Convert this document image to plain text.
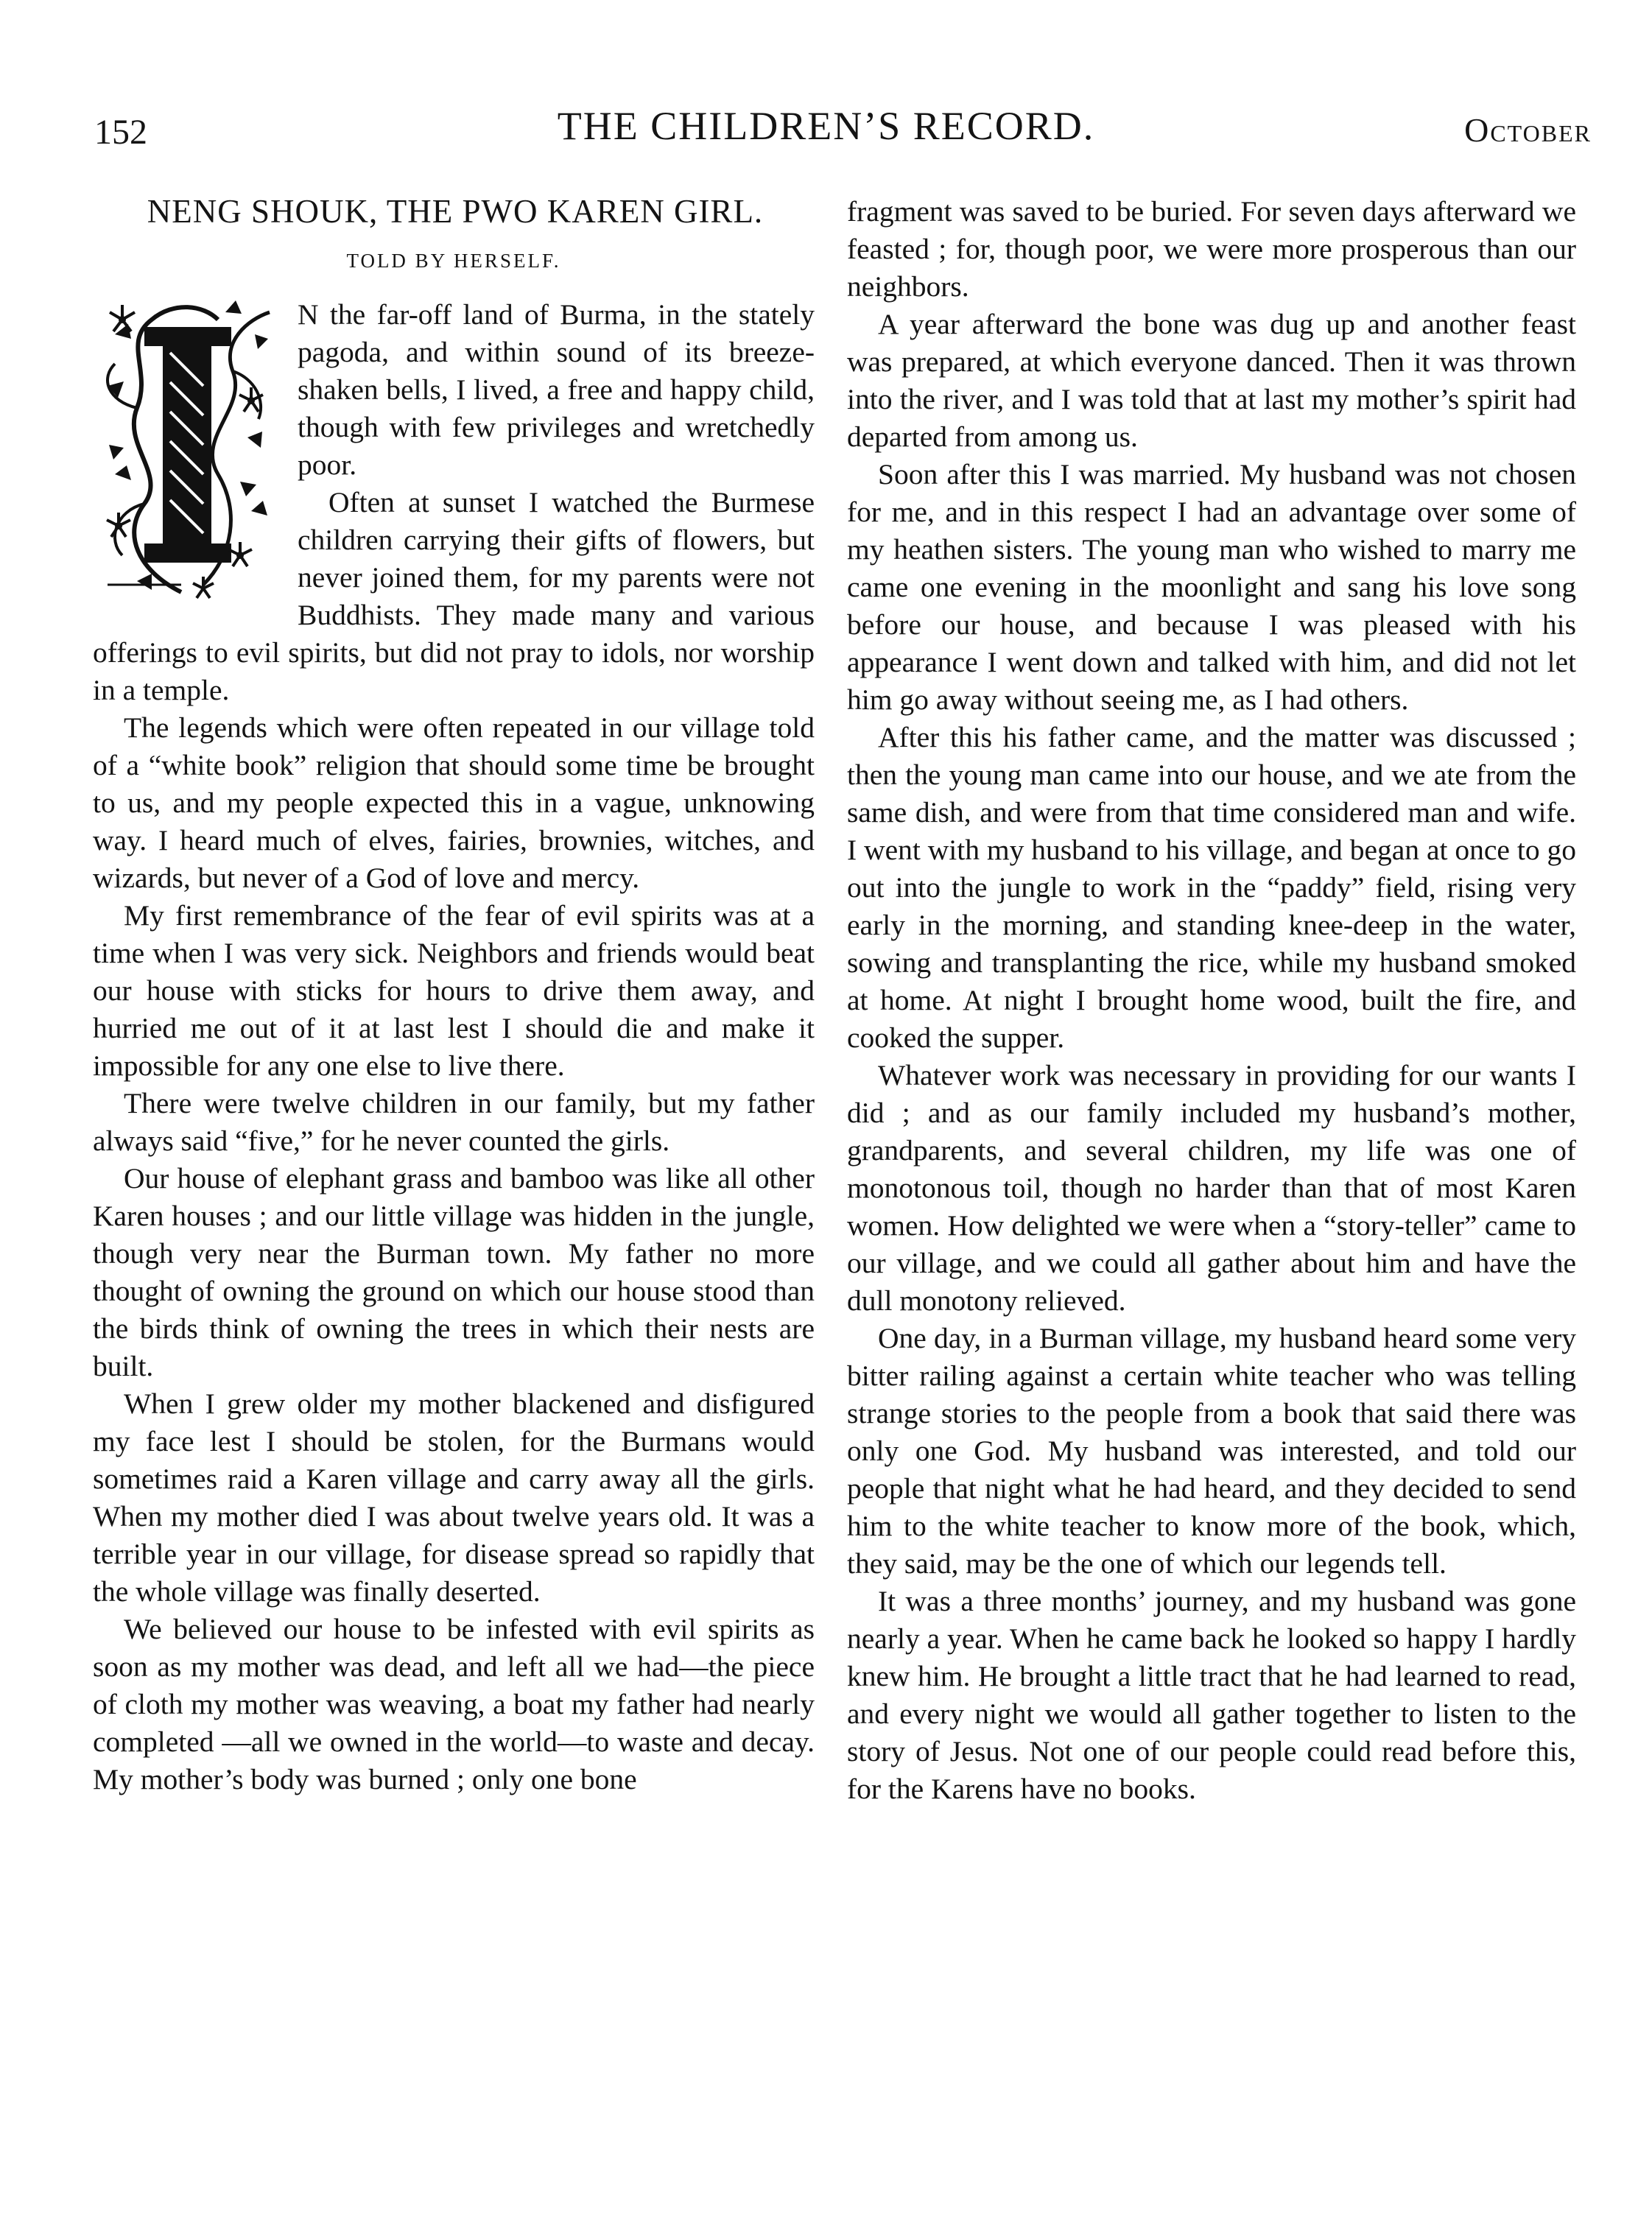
152	THE CHILDREN’S RECORD.	October
NENG SHOUK, THE PWO KAREN GIRL.
TOLD BY HERSELF.

N the far-off land of Burma, in the stately pagoda, and within sound of its breeze-shaken bells, I lived, a free and happy child, though with few privileges and wretchedly poor.

Often at sunset I watched the Burmese children carrying their gifts of flowers, but never joined them, for my parents were not Buddhists. They made many and various offerings to evil spirits, but did not pray to idols, nor worship in a temple.

The legends which were often repeated in our village told of a “white book” religion that should some time be brought to us, and my people expected this in a vague, unknowing way. I heard much of elves, fairies, brownies, witches, and wizards, but never of a God of love and mercy.

My first remembrance of the fear of evil spirits was at a time when I was very sick. Neighbors and friends would beat our house with sticks for hours to drive them away, and hurried me out of it at last lest I should die and make it impossible for any one else to live there.

There were twelve children in our family, but my father always said “five,” for he never counted the girls.

Our house of elephant grass and bamboo was like all other Karen houses ; and our little village was hidden in the jungle, though very near the Burman town. My father no more thought of owning the ground on which our house stood than the birds think of owning the trees in which their nests are built.

When I grew older my mother blackened and disfigured my face lest I should be stolen, for the Burmans would sometimes raid a Karen village and carry away all the girls. When my mother died I was about twelve years old. It was a terrible year in our village, for disease spread so rapidly that the whole village was finally deserted.

We believed our house to be infested with evil spirits as soon as my mother was dead, and left all we had—the piece of cloth my mother was weaving, a boat my father had nearly completed —all we owned in the world—to waste and decay. My mother’s body was burned ; only one bone

fragment was saved to be buried. For seven days afterward we feasted ; for, though poor, we were more prosperous than our neighbors.

A year afterward the bone was dug up and another feast was prepared, at which everyone danced. Then it was thrown into the river, and I was told that at last my mother’s spirit had departed from among us.

Soon after this I was married. My husband was not chosen for me, and in this respect I had an advantage over some of my heathen sisters. The young man who wished to marry me came one evening in the moonlight and sang his love song before our house, and because I was pleased with his appearance I went down and talked with him, and did not let him go away without seeing me, as I had others.

After this his father came, and the matter was discussed ; then the young man came into our house, and we ate from the same dish, and were from that time considered man and wife. I went with my husband to his village, and began at once to go out into the jungle to work in the “paddy” field, rising very early in the morning, and standing knee-deep in the water, sowing and transplanting the rice, while my husband smoked at home. At night I brought home wood, built the fire, and cooked the supper.

Whatever work was necessary in providing for our wants I did ; and as our family included my husband’s mother, grandparents, and several children, my life was one of monotonous toil, though no harder than that of most Karen women. How delighted we were when a “story-teller” came to our village, and we could all gather about him and have the dull monotony relieved.

One day, in a Burman village, my husband heard some very bitter railing against a certain white teacher who was telling strange stories to the people from a book that said there was only one God. My husband was interested, and told our people that night what he had heard, and they decided to send him to the white teacher to know more of the book, which, they said, may be the one of which our legends tell.

It was a three months’ journey, and my husband was gone nearly a year. When he came back he looked so happy I hardly knew him. He brought a little tract that he had learned to read, and every night we would all gather together to listen to the story of Jesus. Not one of our people could read before this, for the Karens have no books.
